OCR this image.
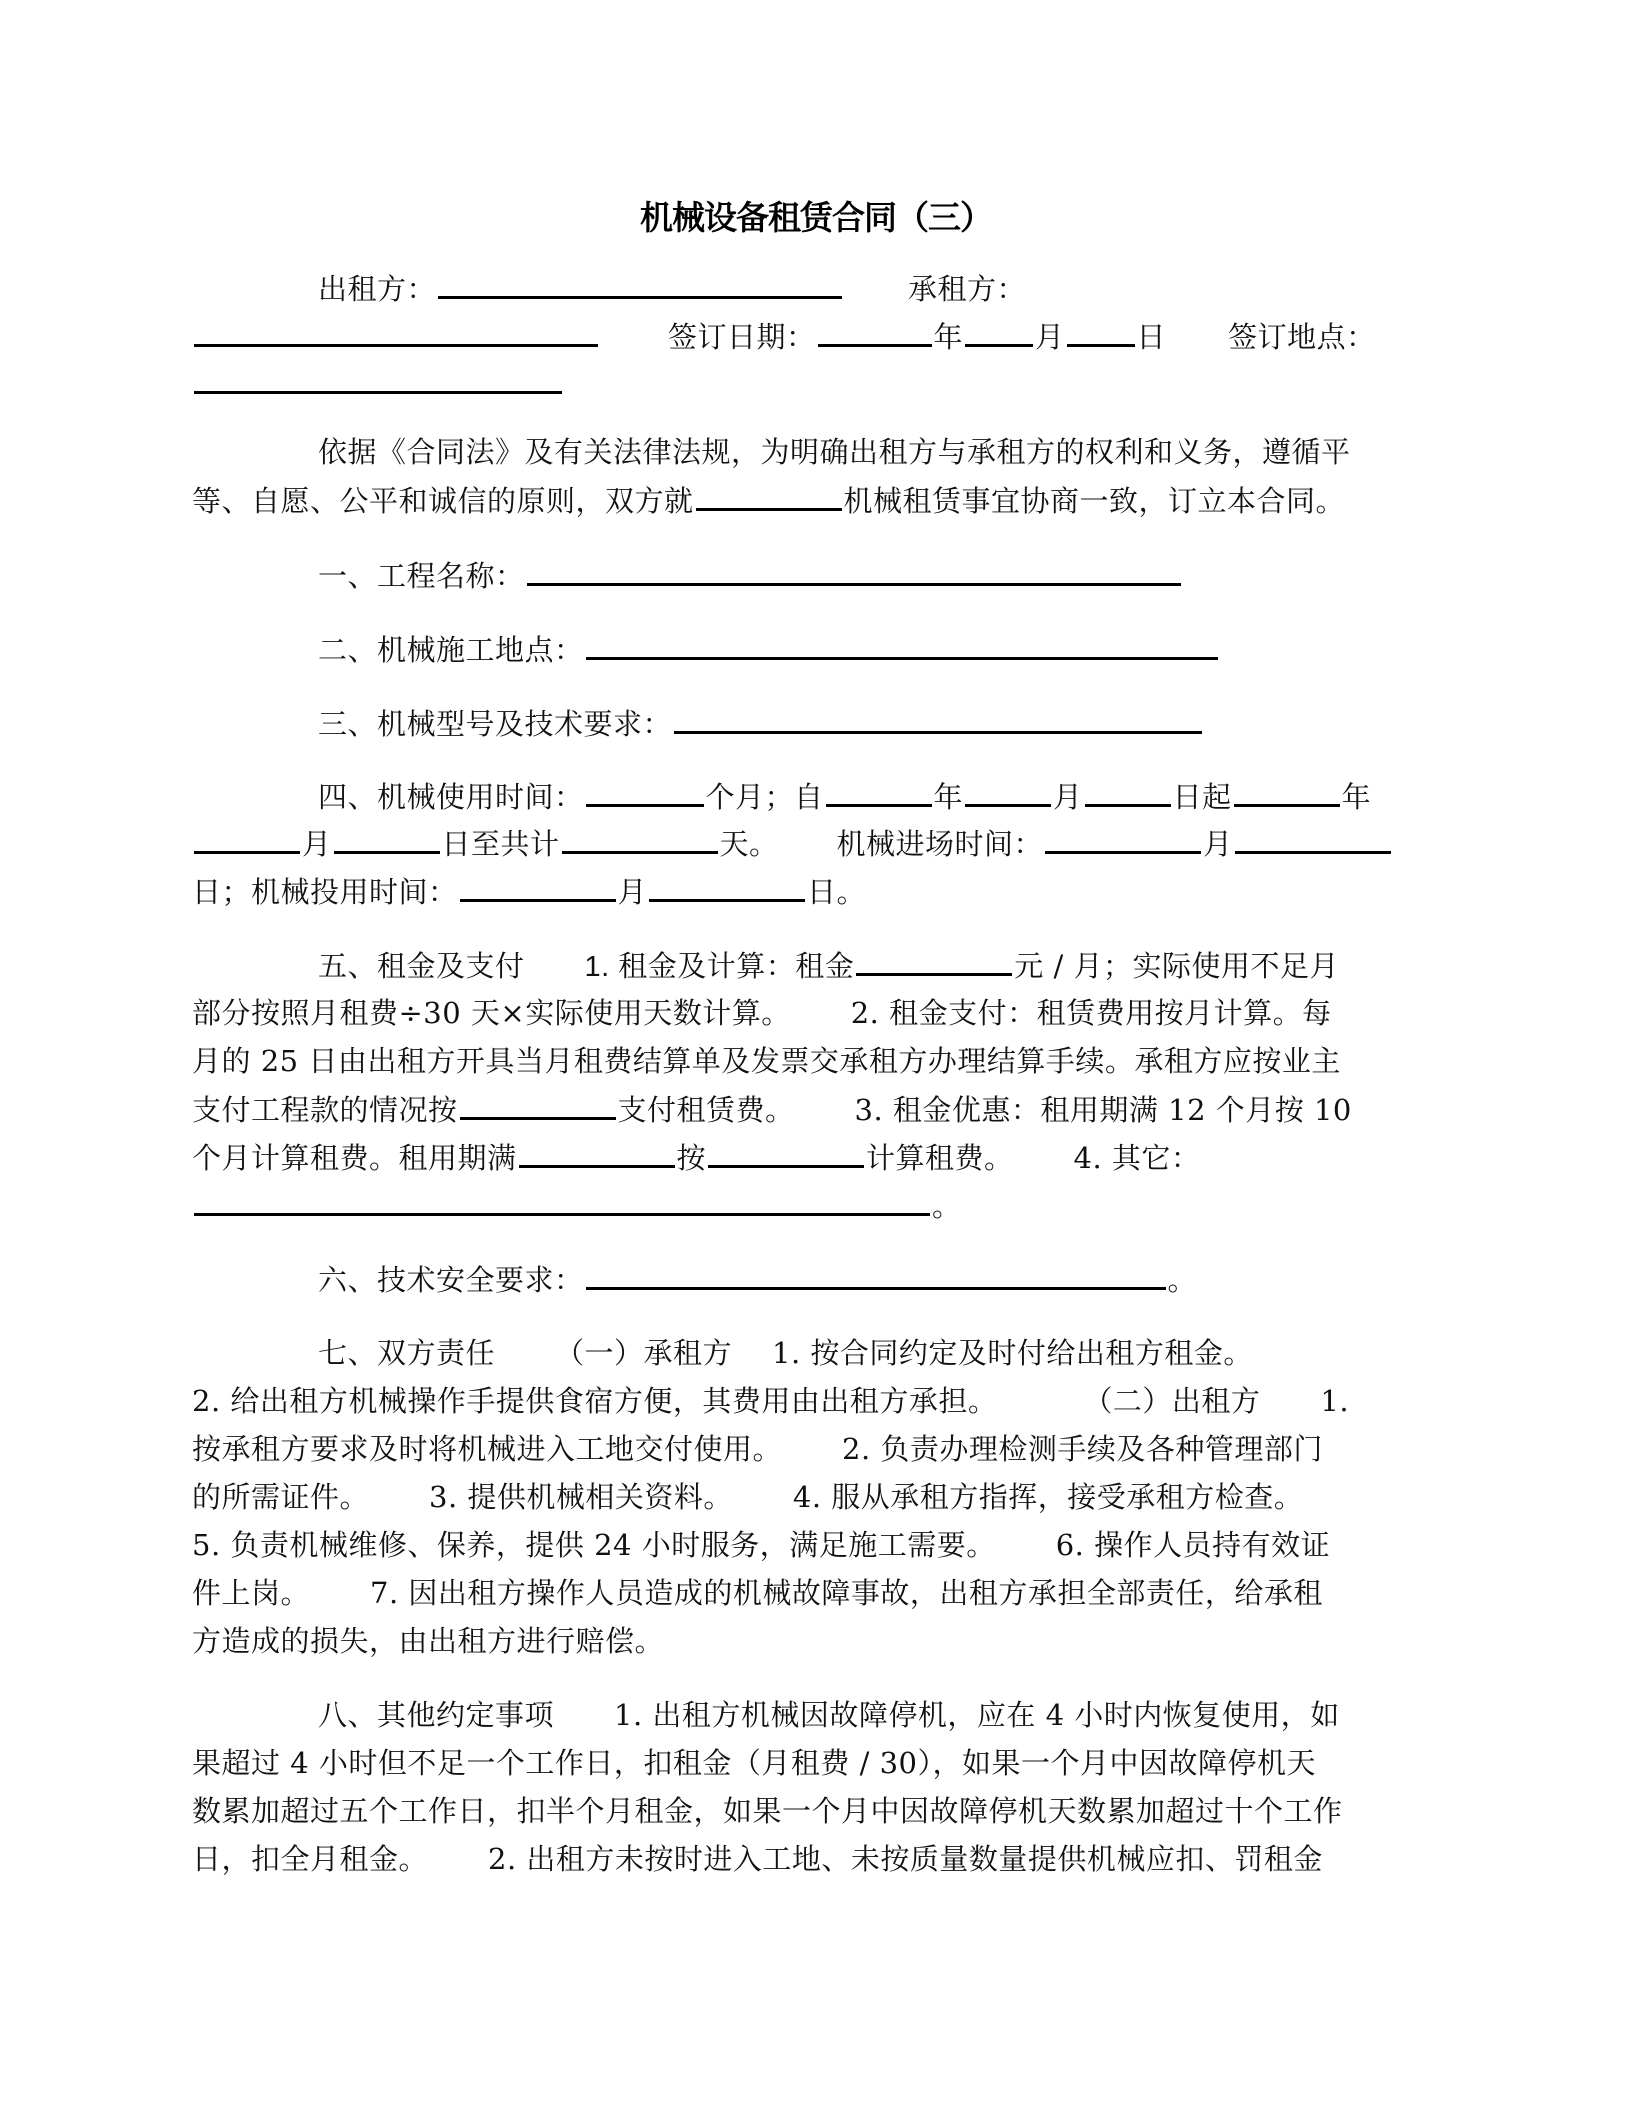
机械设备租赁合同（三）
出租方：	承租方：
签订日期：	年 月 日 签订地点：
依据《合同法》及有关法律法规，为明确出租方与承租方的权利和义务，遵循平
等、自愿、公平和诚信的原则，双方就	机械租赁事宜协商一致，订立本合同。
一、工程名称：
二、机械施工地点：
三、机械型号及技术要求：
四、机械使用时间：	个月；自	年	月	日起	年
月	日至共计	天。 机械进场时间：	月
日；机械投用时间：	月	日。
五、租金及支付 1. 租金及计算：租金	元 / 月；实际使用不足月
部分按照月租费÷30 天×实际使用天数计算。 2. 租金支付：租赁费用按月计算。每
月的 25 日由出租方开具当月租费结算单及发票交承租方办理结算手续。承租方应按业主
支付工程款的情况按	支付租赁费。 3. 租金优惠：租用期满 12 个月按 10
个月计算租费。租用期满	按	计算租费。 4. 其它：
。
六、技术安全要求：	。
七、双方责任 （一）承租方 1. 按合同约定及时付给出租方租金。
2. 给出租方机械操作手提供食宿方便，其费用由出租方承担。	（二）出租方 1.
按承租方要求及时将机械进入工地交付使用。 2. 负责办理检测手续及各种管理部门
的所需证件。 3. 提供机械相关资料。 4. 服从承租方指挥，接受承租方检查。
5. 负责机械维修、保养，提供 24 小时服务，满足施工需要。 6. 操作人员持有效证
件上岗。 7. 因出租方操作人员造成的机械故障事故，出租方承担全部责任，给承租
方造成的损失，由出租方进行赔偿。
八、其他约定事项 1. 出租方机械因故障停机，应在 4 小时内恢复使用，如
果超过 4 小时但不足一个工作日，扣租金（月租费 / 30），如果一个月中因故障停机天
数累加超过五个工作日，扣半个月租金，如果一个月中因故障停机天数累加超过十个工作
日，扣全月租金。 2. 出租方未按时进入工地、未按质量数量提供机械应扣、罚租金
